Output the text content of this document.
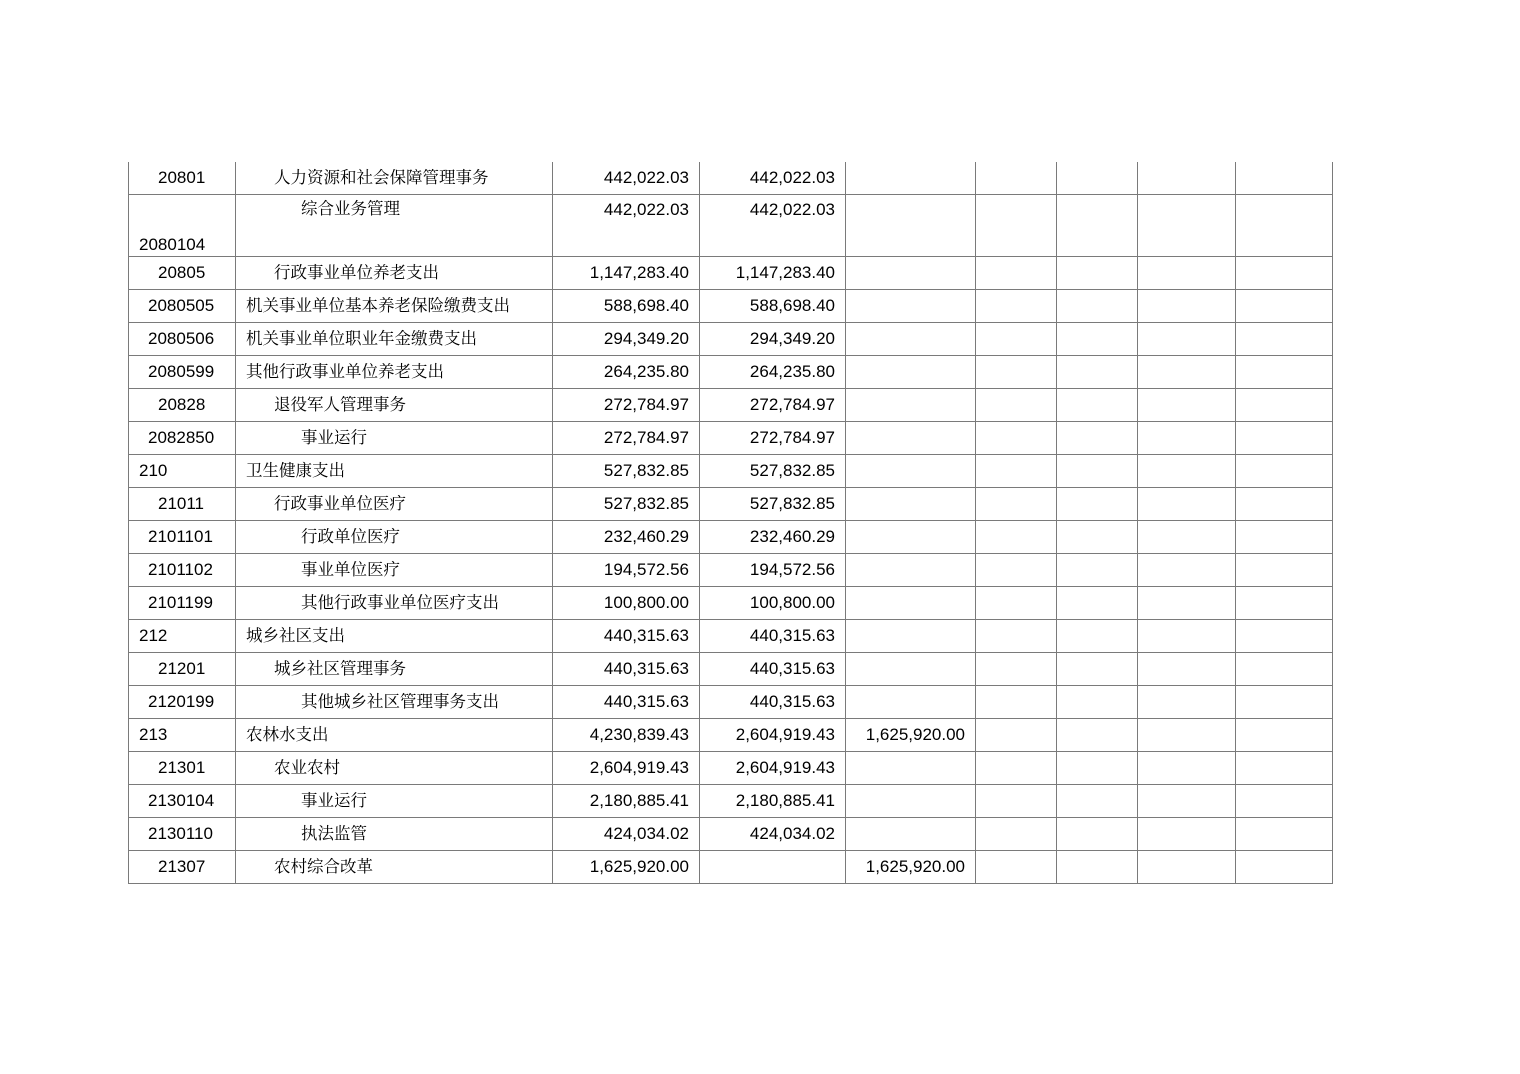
20801	人力资源和社会保障管理事务	442,022.03	442,022.03					
2080104	综合业务管理	442,022.03	442,022.03					
20805	行政事业单位养老支出	1,147,283.40	1,147,283.40					
2080505	机关事业单位基本养老保险缴费支出	588,698.40	588,698.40					
2080506	机关事业单位职业年金缴费支出	294,349.20	294,349.20					
2080599	其他行政事业单位养老支出	264,235.80	264,235.80					
20828	退役军人管理事务	272,784.97	272,784.97					
2082850	事业运行	272,784.97	272,784.97					
210	卫生健康支出	527,832.85	527,832.85					
21011	行政事业单位医疗	527,832.85	527,832.85					
2101101	行政单位医疗	232,460.29	232,460.29					
2101102	事业单位医疗	194,572.56	194,572.56					
2101199	其他行政事业单位医疗支出	100,800.00	100,800.00					
212	城乡社区支出	440,315.63	440,315.63					
21201	城乡社区管理事务	440,315.63	440,315.63					
2120199	其他城乡社区管理事务支出	440,315.63	440,315.63					
213	农林水支出	4,230,839.43	2,604,919.43	1,625,920.00				
21301	农业农村	2,604,919.43	2,604,919.43					
2130104	事业运行	2,180,885.41	2,180,885.41					
2130110	执法监管	424,034.02	424,034.02					
21307	农村综合改革	1,625,920.00		1,625,920.00				
